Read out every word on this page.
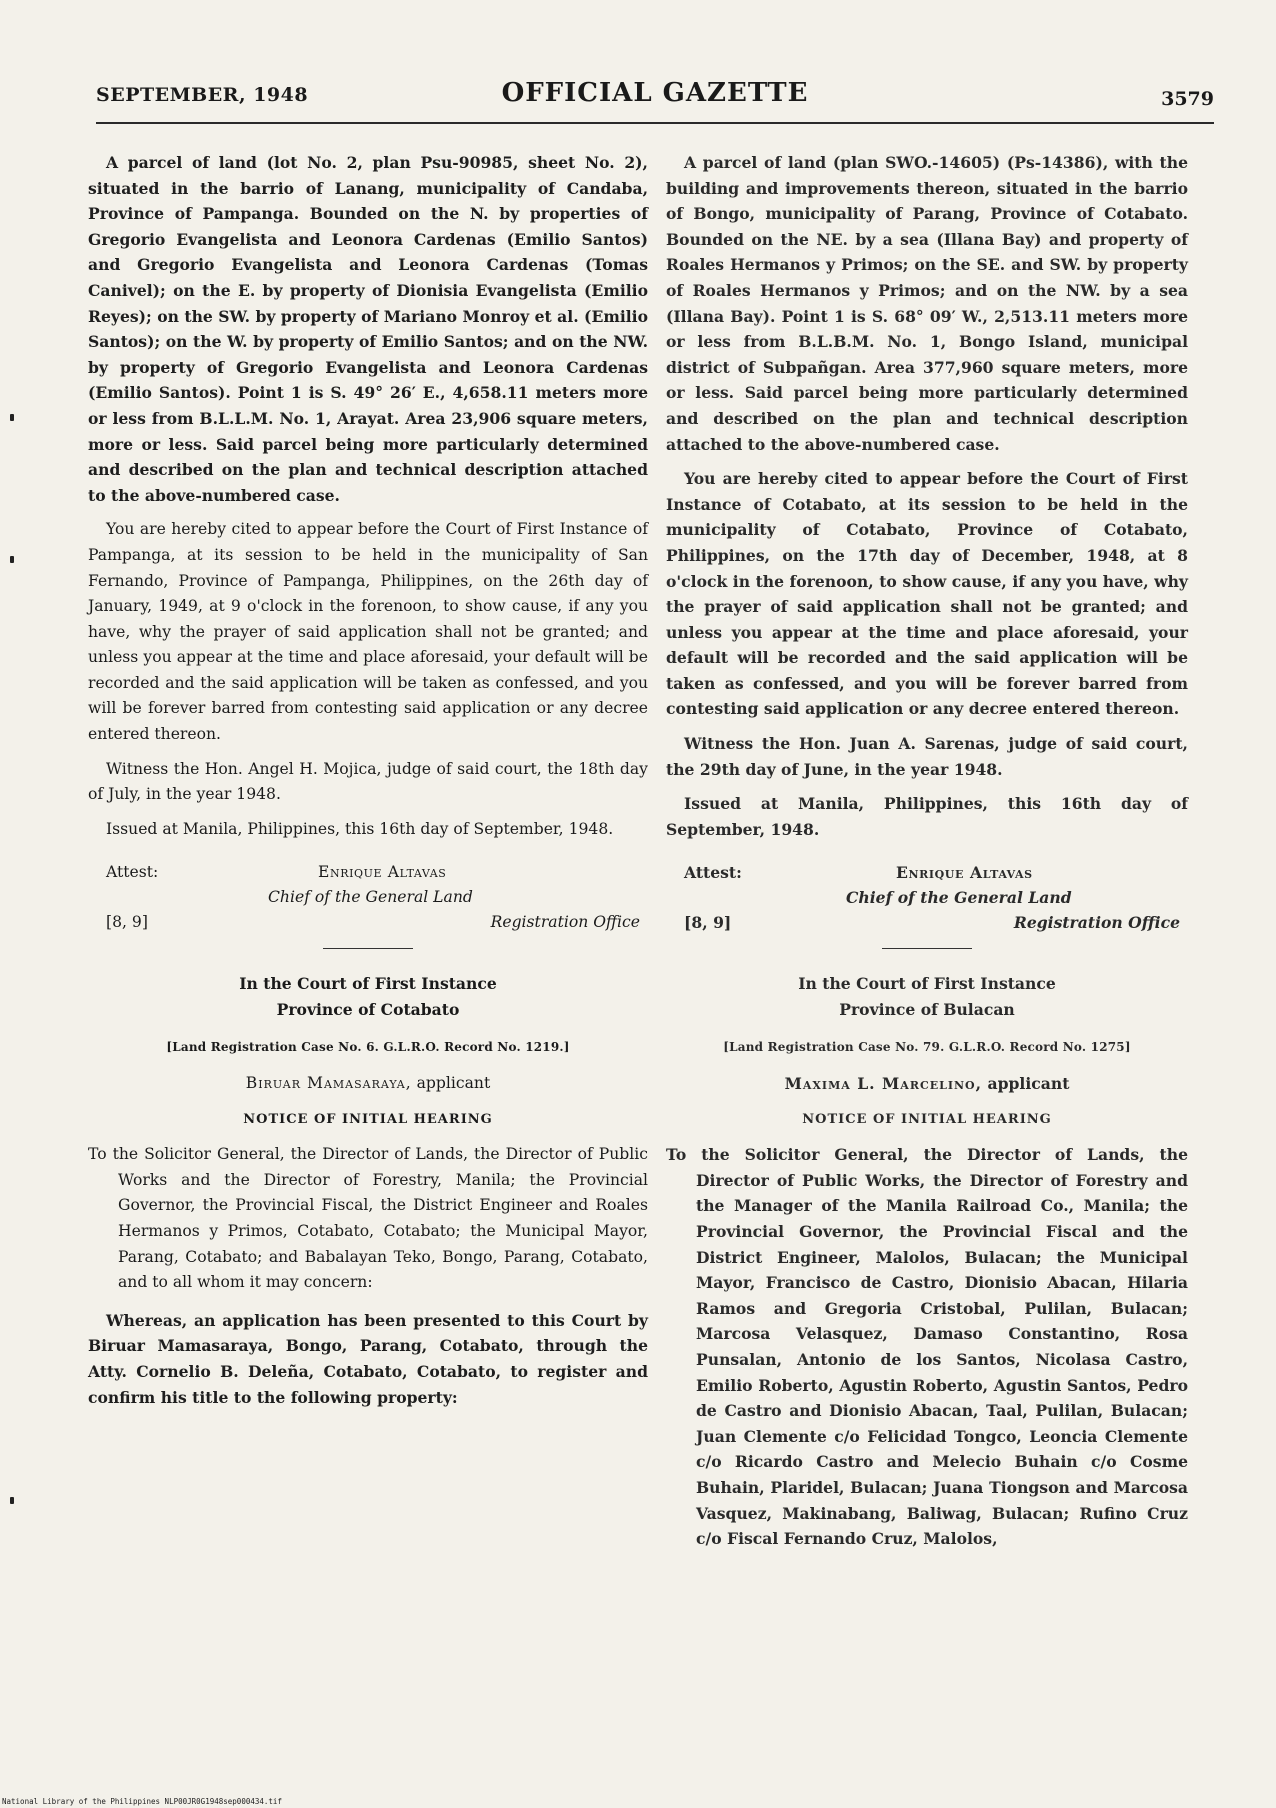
SEPTEMBER, 1948	OFFICIAL GAZETTE	3579

A parcel of land (lot No. 2, plan Psu-90985, sheet No. 2), situated in the barrio of Lanang, municipality of Candaba, Province of Pampanga. Bounded on the N. by properties of Gregorio Evangelista and Leonora Cardenas (Emilio Santos) and Gregorio Evangelista and Leonora Cardenas (Tomas Canivel); on the E. by property of Dionisia Evangelista (Emilio Reyes); on the SW. by property of Mariano Monroy et al. (Emilio Santos); on the W. by property of Emilio Santos; and on the NW. by property of Gregorio Evangelista and Leonora Cardenas (Emilio Santos). Point 1 is S. 49° 26′ E., 4,658.11 meters more or less from B.L.L.M. No. 1, Arayat. Area 23,906 square meters, more or less. Said parcel being more particularly determined and described on the plan and technical description attached to the above-numbered case.

You are hereby cited to appear before the Court of First Instance of Pampanga, at its session to be held in the municipality of San Fernando, Province of Pampanga, Philippines, on the 26th day of January, 1949, at 9 o'clock in the forenoon, to show cause, if any you have, why the prayer of said application shall not be granted; and unless you appear at the time and place aforesaid, your default will be recorded and the said application will be taken as confessed, and you will be forever barred from contesting said application or any decree entered thereon.

Witness the Hon. Angel H. Mojica, judge of said court, the 18th day of July, in the year 1948.

Issued at Manila, Philippines, this 16th day of September, 1948.

Attest:	Enrique Altavas
Chief of the General Land
[8, 9]	Registration Office
In the Court of First Instance
Province of Cotabato
[Land Registration Case No. 6. G.L.R.O. Record No. 1219.]
Biruar Mamasaraya, applicant
NOTICE OF INITIAL HEARING

To the Solicitor General, the Director of Lands, the Director of Public Works and the Director of Forestry, Manila; the Provincial Governor, the Provincial Fiscal, the District Engineer and Roales Hermanos y Primos, Cotabato, Cotabato; the Municipal Mayor, Parang, Cotabato; and Babalayan Teko, Bongo, Parang, Cotabato, and to all whom it may concern:

Whereas, an application has been presented to this Court by Biruar Mamasaraya, Bongo, Parang, Cotabato, through the Atty. Cornelio B. Deleña, Cotabato, Cotabato, to register and confirm his title to the following property:

A parcel of land (plan SWO.-14605) (Ps-14386), with the building and improvements thereon, situated in the barrio of Bongo, municipality of Parang, Province of Cotabato. Bounded on the NE. by a sea (Illana Bay) and property of Roales Hermanos y Primos; on the SE. and SW. by property of Roales Hermanos y Primos; and on the NW. by a sea (Illana Bay). Point 1 is S. 68° 09′ W., 2,513.11 meters more or less from B.L.B.M. No. 1, Bongo Island, municipal district of Subpañgan. Area 377,960 square meters, more or less. Said parcel being more particularly determined and described on the plan and technical description attached to the above-numbered case.

You are hereby cited to appear before the Court of First Instance of Cotabato, at its session to be held in the municipality of Cotabato, Province of Cotabato, Philippines, on the 17th day of December, 1948, at 8 o'clock in the forenoon, to show cause, if any you have, why the prayer of said application shall not be granted; and unless you appear at the time and place aforesaid, your default will be recorded and the said application will be taken as confessed, and you will be forever barred from contesting said application or any decree entered thereon.

Witness the Hon. Juan A. Sarenas, judge of said court, the 29th day of June, in the year 1948.

Issued at Manila, Philippines, this 16th day of September, 1948.

Attest:	Enrique Altavas
Chief of the General Land
[8, 9]	Registration Office
In the Court of First Instance
Province of Bulacan
[Land Registration Case No. 79. G.L.R.O. Record No. 1275]
Maxima L. Marcelino, applicant
NOTICE OF INITIAL HEARING

To the Solicitor General, the Director of Lands, the Director of Public Works, the Director of Forestry and the Manager of the Manila Railroad Co., Manila; the Provincial Governor, the Provincial Fiscal and the District Engineer, Malolos, Bulacan; the Municipal Mayor, Francisco de Castro, Dionisio Abacan, Hilaria Ramos and Gregoria Cristobal, Pulilan, Bulacan; Marcosa Velasquez, Damaso Constantino, Rosa Punsalan, Antonio de los Santos, Nicolasa Castro, Emilio Roberto, Agustin Roberto, Agustin Santos, Pedro de Castro and Dionisio Abacan, Taal, Pulilan, Bulacan; Juan Clemente c/o Felicidad Tongco, Leoncia Clemente c/o Ricardo Castro and Melecio Buhain c/o Cosme Buhain, Plaridel, Bulacan; Juana Tiongson and Marcosa Vasquez, Makinabang, Baliwag, Bulacan; Rufino Cruz c/o Fiscal Fernando Cruz, Malolos,

National Library of the Philippines NLP00JR0G1948sep000434.tif
